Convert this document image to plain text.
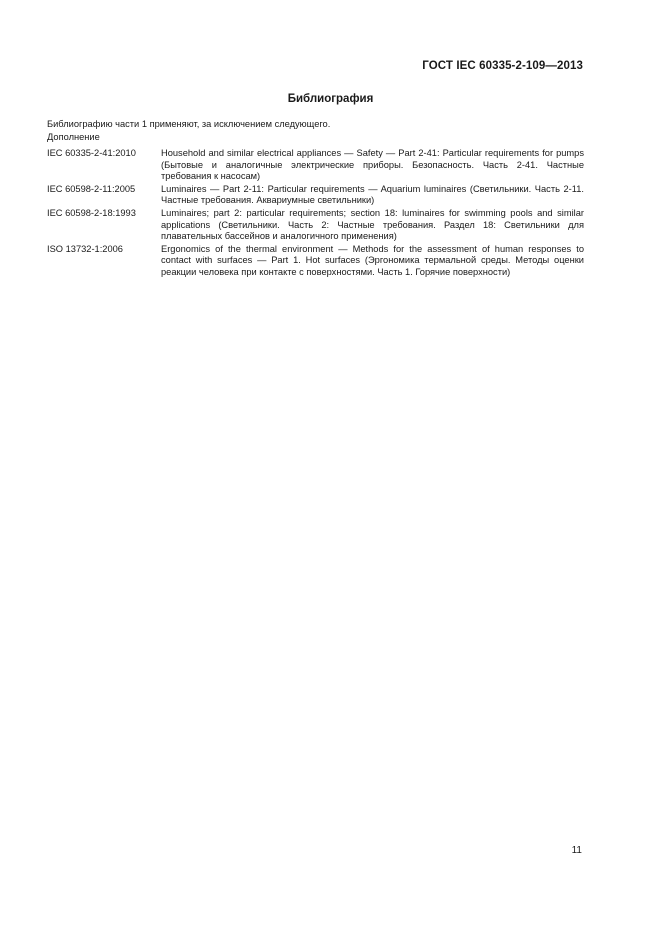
ГОСТ IEC 60335-2-109—2013
Библиография
Библиографию части 1 применяют, за исключением следующего.
Дополнение
IEC 60335-2-41:2010	Household and similar electrical appliances — Safety — Part 2-41: Particular requirements for pumps (Бытовые и аналогичные электрические приборы. Безопасность. Часть 2-41. Частные требования к насосам)
IEC 60598-2-11:2005	Luminaires — Part 2-11: Particular requirements — Aquarium luminaires (Светильники. Часть 2-11. Частные требования. Аквариумные светильники)
IEC 60598-2-18:1993	Luminaires; part 2: particular requirements; section 18: luminaires for swimming pools and similar applications (Светильники. Часть 2: Частные требования. Раздел 18: Светильники для плавательных бассейнов и аналогичного применения)
ISO 13732-1:2006	Ergonomics of the thermal environment — Methods for the assessment of human responses to contact with surfaces — Part 1. Hot surfaces (Эргономика термальной среды. Методы оценки реакции человека при контакте с поверхностями. Часть 1. Горячие поверхности)
11
